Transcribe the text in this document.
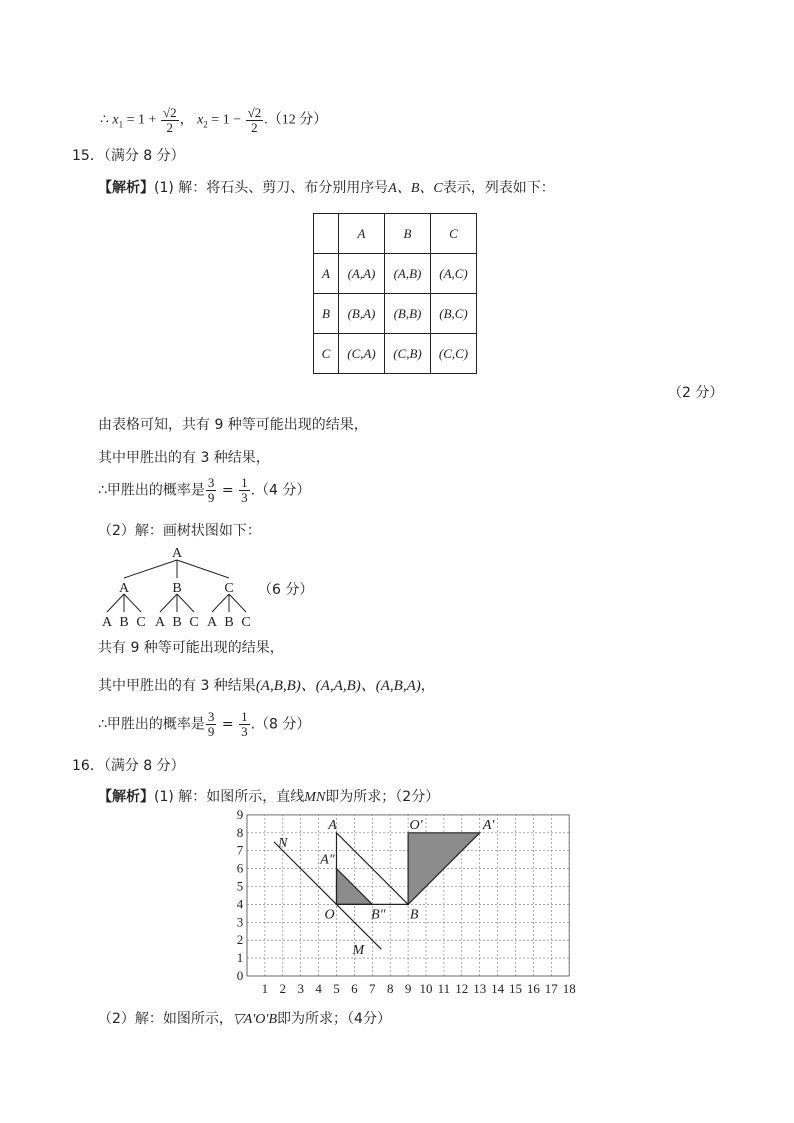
∴ $x_1 = 1 + \frac{√2}{2}$ ， $x_2 = 1 - \frac{√2}{2} .(12$ 分）
15．（满分 8 分）
【解析】(1) 解：将石头、剪刀、布分别用序号A、B、C表示，列表如下：
	A	B	C
A	(A,A)	(A,B)	(A,C)
B	(B,A)	(B,B)	(B,C)
C	(C,A)	(C,B)	(C,C)
（2 分）
由表格可知，共有 9 种等可能出现的结果，
其中甲胜出的有 3 种结果，
∴甲胜出的概率是 $\frac{3}{9} = \frac{1}{3} .(4$ 分）
（2）解：画树状图如下：
A
A	B	C
A B C A B C A B C
（6 分）
共有 9 种等可能出现的结果，
其中甲胜出的有 3 种结果(A,B,B)、(A,A,B)、(A,B,A)，
∴甲胜出的概率是 $\frac{3}{9} = \frac{1}{3} .(8$ 分）
16．（满分 8 分）
【解析】(1) 解：如图所示，直线MN即为所求；（2分）
1 2 3 4 5 6 7 8 9 10 11 12 13 14 15 16 17 18
0
1
2
3
4
5
6
7
8
9
A	O′	A′
A″
O	B″ B
N
M
（2）解：如图所示，▽A′O′B即为所求；（4分）
